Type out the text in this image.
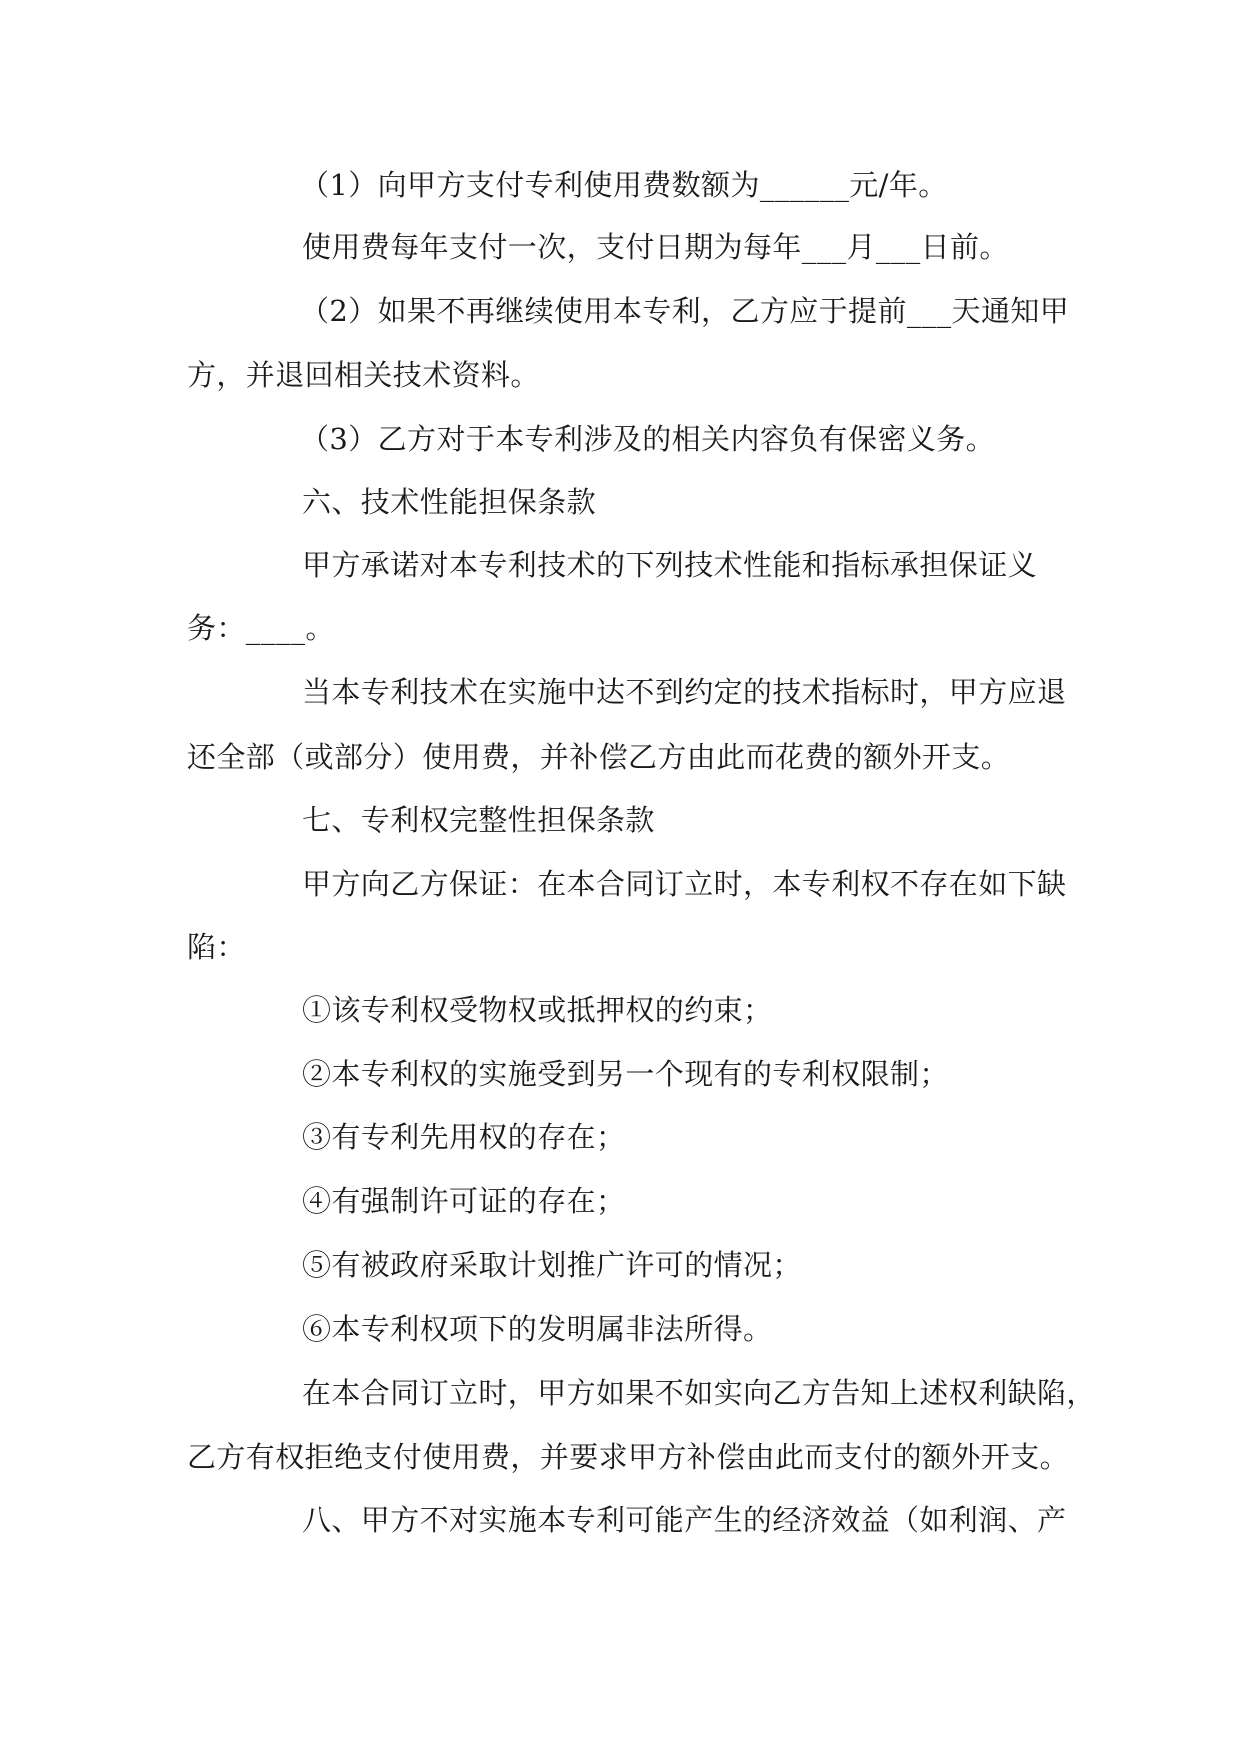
（1）向甲方支付专利使用费数额为______元/年。
使用费每年支付一次，支付日期为每年___月___日前。
（2）如果不再继续使用本专利，乙方应于提前___天通知甲
方，并退回相关技术资料。
（3）乙方对于本专利涉及的相关内容负有保密义务。
六、技术性能担保条款
甲方承诺对本专利技术的下列技术性能和指标承担保证义
务：____。
当本专利技术在实施中达不到约定的技术指标时，甲方应退
还全部（或部分）使用费，并补偿乙方由此而花费的额外开支。
七、专利权完整性担保条款
甲方向乙方保证：在本合同订立时，本专利权不存在如下缺
陷：
①该专利权受物权或抵押权的约束；
②本专利权的实施受到另一个现有的专利权限制；
③有专利先用权的存在；
④有强制许可证的存在；
⑤有被政府采取计划推广许可的情况；
⑥本专利权项下的发明属非法所得。
在本合同订立时，甲方如果不如实向乙方告知上述权利缺陷，
乙方有权拒绝支付使用费，并要求甲方补偿由此而支付的额外开支。
八、甲方不对实施本专利可能产生的经济效益（如利润、产
